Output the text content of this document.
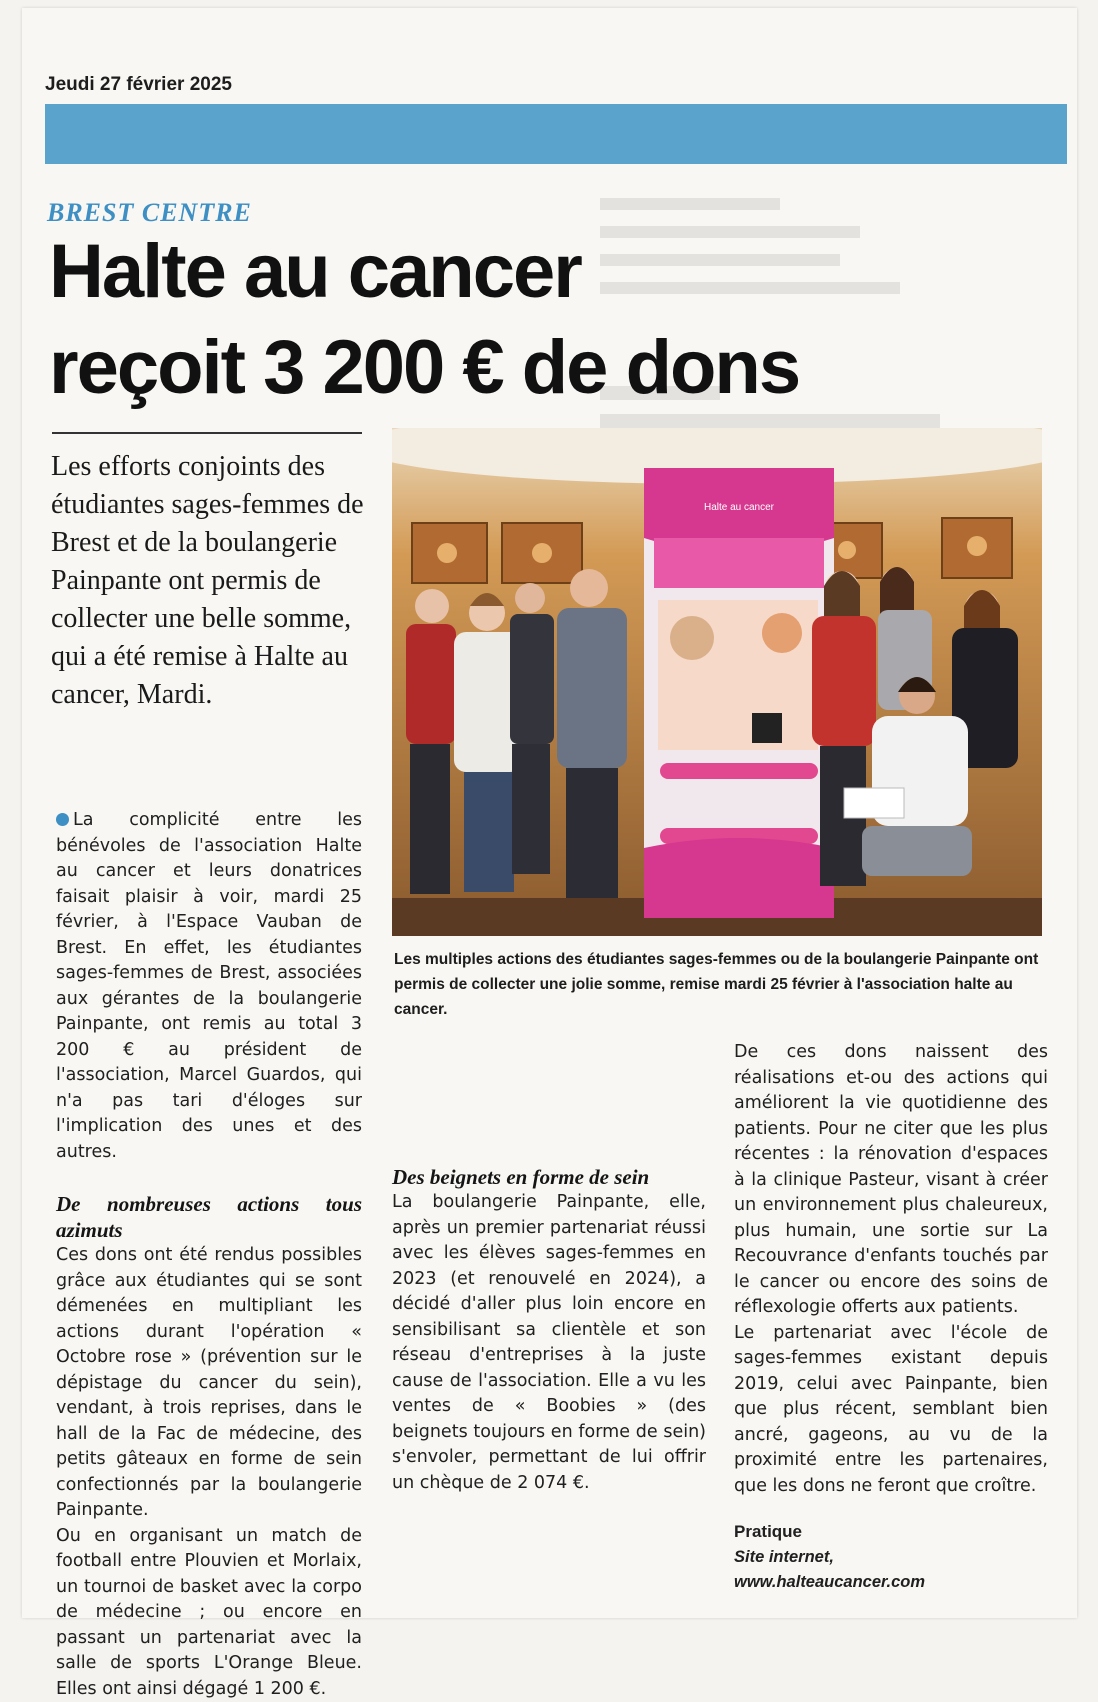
Jeudi 27 février 2025
BREST CENTRE
Halte au cancer
reçoit 3 200 € de dons
Les efforts conjoints des étudiantes sages-femmes de Brest et de la boulangerie Painpante ont permis de collecter une belle somme, qui a été remise à Halte au cancer, Mardi.
Halte au cancer
Les multiples actions des étudiantes sages-femmes ou de la boulangerie Painpante ont permis de collecter une jolie somme, remise mardi 25 février à l'association halte au cancer.

La complicité entre les bénévoles de l'association Halte au cancer et leurs donatrices faisait plaisir à voir, mardi 25 février, à l'Espace Vauban de Brest. En effet, les étudiantes sages-femmes de Brest, associées aux gérantes de la boulangerie Painpante, ont remis au total 3 200 € au président de l'association, Marcel Guardos, qui n'a pas tari d'éloges sur l'implication des unes et des autres.

De nombreuses actions tous azimuts

Ces dons ont été rendus possibles grâce aux étudiantes qui se sont démenées en multipliant les actions durant l'opération « Octobre rose » (prévention sur le dépistage du cancer du sein), vendant, à trois reprises, dans le hall de la Fac de médecine, des petits gâteaux en forme de sein confectionnés par la boulangerie Painpante.

Ou en organisant un match de football entre Plouvien et Morlaix, un tournoi de basket avec la corpo de médecine ; ou encore en passant un partenariat avec la salle de sports L'Orange Bleue. Elles ont ainsi dégagé 1 200 €.

Des beignets en forme de sein

La boulangerie Painpante, elle, après un premier partenariat réussi avec les élèves sages-femmes en 2023 (et renouvelé en 2024), a décidé d'aller plus loin encore en sensibilisant sa clientèle et son réseau d'entreprises à la juste cause de l'association. Elle a vu les ventes de « Boobies » (des beignets toujours en forme de sein) s'envoler, permettant de lui offrir un chèque de 2 074 €.

De ces dons naissent des réalisations et-ou des actions qui améliorent la vie quotidienne des patients. Pour ne citer que les plus récentes : la rénovation d'espaces à la clinique Pasteur, visant à créer un environnement plus chaleureux, plus humain, une sortie sur La Recouvrance d'enfants touchés par le cancer ou encore des soins de réflexologie offerts aux patients.

Le partenariat avec l'école de sages-femmes existant depuis 2019, celui avec Painpante, bien que plus récent, semblant bien ancré, gageons, au vu de la proximité entre les partenaires, que les dons ne feront que croître.

Pratique

Site internet,

www.halteaucancer.com
